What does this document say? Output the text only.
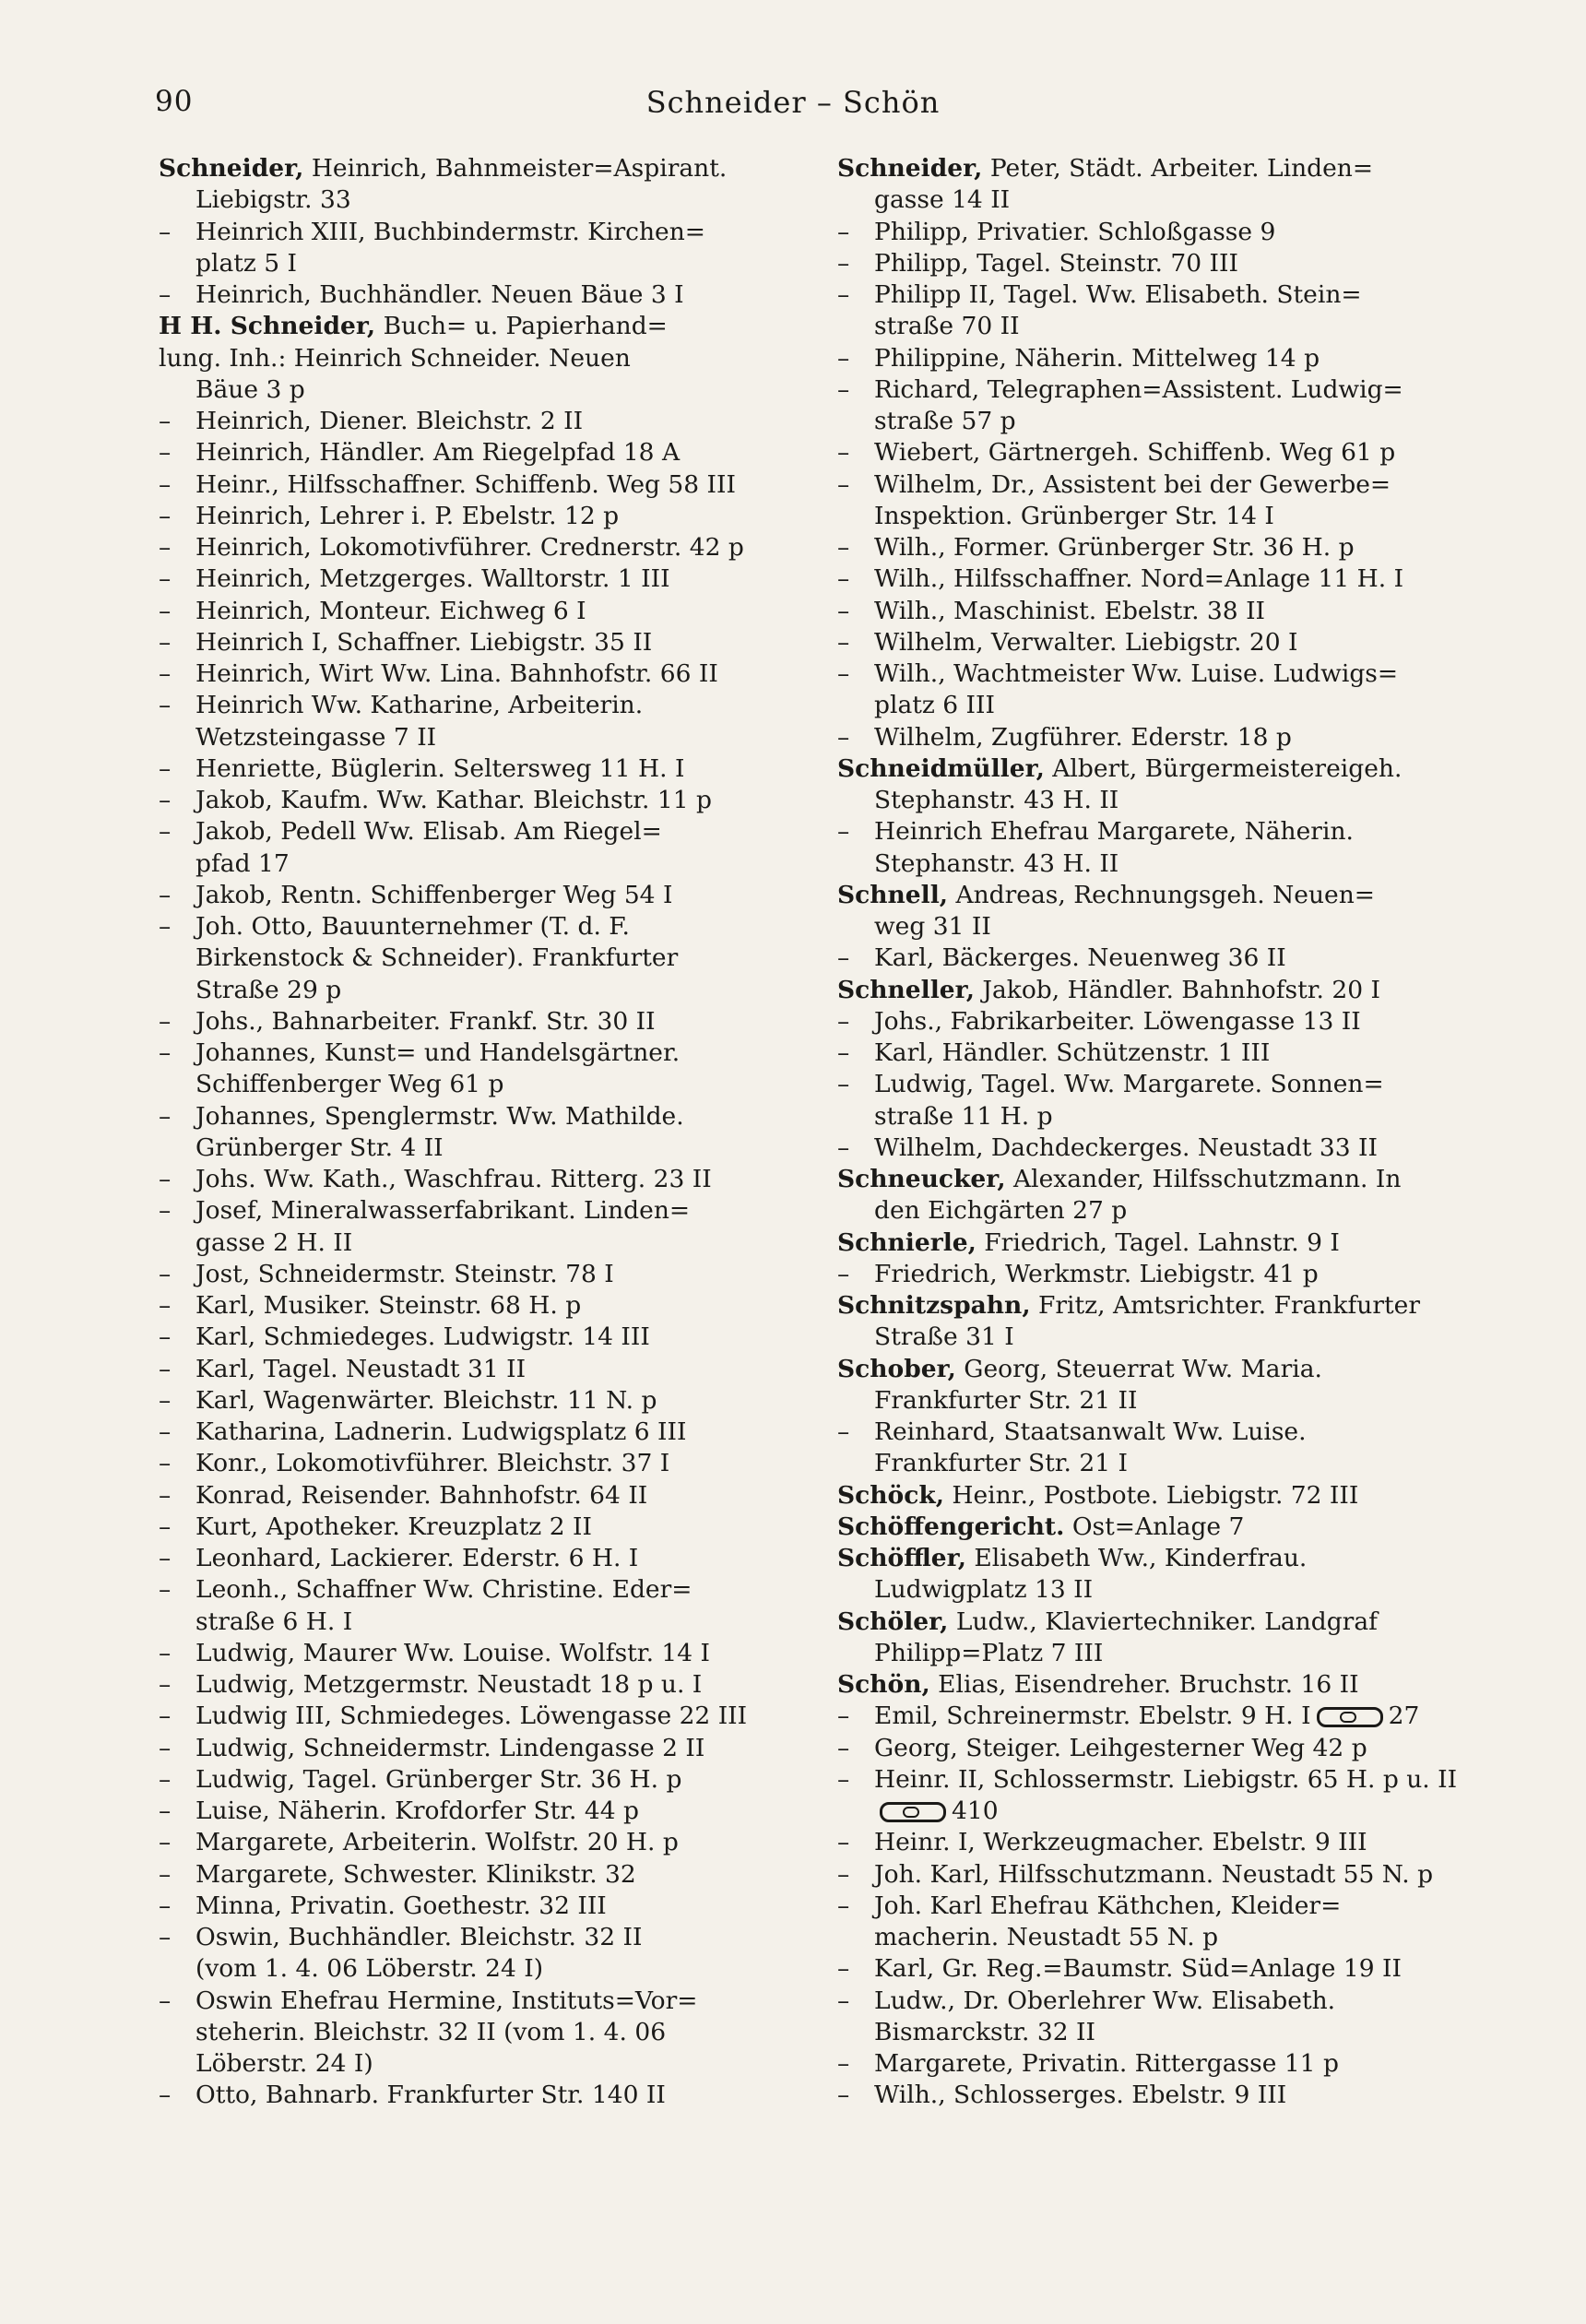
90	Schneider – Schön
Schneider, Heinrich, Bahnmeister=Aspirant.
Liebigstr. 33
– Heinrich XIII, Buchbindermstr. Kirchen=
platz 5 I
– Heinrich, Buchhändler. Neuen Bäue 3 I
H H. Schneider, Buch= u. Papierhand=
lung. Inh.: Heinrich Schneider. Neuen
Bäue 3 p
– Heinrich, Diener. Bleichstr. 2 II
– Heinrich, Händler. Am Riegelpfad 18 A
– Heinr., Hilfsschaffner. Schiffenb. Weg 58 III
– Heinrich, Lehrer i. P. Ebelstr. 12 p
– Heinrich, Lokomotivführer. Crednerstr. 42 p
– Heinrich, Metzgerges. Walltorstr. 1 III
– Heinrich, Monteur. Eichweg 6 I
– Heinrich I, Schaffner. Liebigstr. 35 II
– Heinrich, Wirt Ww. Lina. Bahnhofstr. 66 II
– Heinrich Ww. Katharine, Arbeiterin.
Wetzsteingasse 7 II
– Henriette, Büglerin. Seltersweg 11 H. I
– Jakob, Kaufm. Ww. Kathar. Bleichstr. 11 p
– Jakob, Pedell Ww. Elisab. Am Riegel=
pfad 17
– Jakob, Rentn. Schiffenberger Weg 54 I
– Joh. Otto, Bauunternehmer (T. d. F.
Birkenstock & Schneider). Frankfurter
Straße 29 p
– Johs., Bahnarbeiter. Frankf. Str. 30 II
– Johannes, Kunst= und Handelsgärtner.
Schiffenberger Weg 61 p
– Johannes, Spenglermstr. Ww. Mathilde.
Grünberger Str. 4 II
– Johs. Ww. Kath., Waschfrau. Ritterg. 23 II
– Josef, Mineralwasserfabrikant. Linden=
gasse 2 H. II
– Jost, Schneidermstr. Steinstr. 78 I
– Karl, Musiker. Steinstr. 68 H. p
– Karl, Schmiedeges. Ludwigstr. 14 III
– Karl, Tagel. Neustadt 31 II
– Karl, Wagenwärter. Bleichstr. 11 N. p
– Katharina, Ladnerin. Ludwigsplatz 6 III
– Konr., Lokomotivführer. Bleichstr. 37 I
– Konrad, Reisender. Bahnhofstr. 64 II
– Kurt, Apotheker. Kreuzplatz 2 II
– Leonhard, Lackierer. Ederstr. 6 H. I
– Leonh., Schaffner Ww. Christine. Eder=
straße 6 H. I
– Ludwig, Maurer Ww. Louise. Wolfstr. 14 I
– Ludwig, Metzgermstr. Neustadt 18 p u. I
– Ludwig III, Schmiedeges. Löwengasse 22 III
– Ludwig, Schneidermstr. Lindengasse 2 II
– Ludwig, Tagel. Grünberger Str. 36 H. p
– Luise, Näherin. Krofdorfer Str. 44 p
– Margarete, Arbeiterin. Wolfstr. 20 H. p
– Margarete, Schwester. Klinikstr. 32
– Minna, Privatin. Goethestr. 32 III
– Oswin, Buchhändler. Bleichstr. 32 II
(vom 1. 4. 06 Löberstr. 24 I)
– Oswin Ehefrau Hermine, Instituts=Vor=
steherin. Bleichstr. 32 II (vom 1. 4. 06
Löberstr. 24 I)
– Otto, Bahnarb. Frankfurter Str. 140 II
Schneider, Peter, Städt. Arbeiter. Linden=
gasse 14 II
– Philipp, Privatier. Schloßgasse 9
– Philipp, Tagel. Steinstr. 70 III
– Philipp II, Tagel. Ww. Elisabeth. Stein=
straße 70 II
– Philippine, Näherin. Mittelweg 14 p
– Richard, Telegraphen=Assistent. Ludwig=
straße 57 p
– Wiebert, Gärtnergeh. Schiffenb. Weg 61 p
– Wilhelm, Dr., Assistent bei der Gewerbe=
Inspektion. Grünberger Str. 14 I
– Wilh., Former. Grünberger Str. 36 H. p
– Wilh., Hilfsschaffner. Nord=Anlage 11 H. I
– Wilh., Maschinist. Ebelstr. 38 II
– Wilhelm, Verwalter. Liebigstr. 20 I
– Wilh., Wachtmeister Ww. Luise. Ludwigs=
platz 6 III
– Wilhelm, Zugführer. Ederstr. 18 p
Schneidmüller, Albert, Bürgermeistereigeh.
Stephanstr. 43 H. II
– Heinrich Ehefrau Margarete, Näherin.
Stephanstr. 43 H. II
Schnell, Andreas, Rechnungsgeh. Neuen=
weg 31 II
– Karl, Bäckerges. Neuenweg 36 II
Schneller, Jakob, Händler. Bahnhofstr. 20 I
– Johs., Fabrikarbeiter. Löwengasse 13 II
– Karl, Händler. Schützenstr. 1 III
– Ludwig, Tagel. Ww. Margarete. Sonnen=
straße 11 H. p
– Wilhelm, Dachdeckerges. Neustadt 33 II
Schneucker, Alexander, Hilfsschutzmann. In
den Eichgärten 27 p
Schnierle, Friedrich, Tagel. Lahnstr. 9 I
– Friedrich, Werkmstr. Liebigstr. 41 p
Schnitzspahn, Fritz, Amtsrichter. Frankfurter
Straße 31 I
Schober, Georg, Steuerrat Ww. Maria.
Frankfurter Str. 21 II
– Reinhard, Staatsanwalt Ww. Luise.
Frankfurter Str. 21 I
Schöck, Heinr., Postbote. Liebigstr. 72 III
Schöffengericht. Ost=Anlage 7
Schöffler, Elisabeth Ww., Kinderfrau.
Ludwigplatz 13 II
Schöler, Ludw., Klaviertechniker. Landgraf
Philipp=Platz 7 III
Schön, Elias, Eisendreher. Bruchstr. 16 II
– Emil, Schreinermstr. Ebelstr. 9 H. I	27
– Georg, Steiger. Leihgesterner Weg 42 p
– Heinr. II, Schlossermstr. Liebigstr. 65 H. p u. II
410
– Heinr. I, Werkzeugmacher. Ebelstr. 9 III
– Joh. Karl, Hilfsschutzmann. Neustadt 55 N. p
– Joh. Karl Ehefrau Käthchen, Kleider=
macherin. Neustadt 55 N. p
– Karl, Gr. Reg.=Baumstr. Süd=Anlage 19 II
– Ludw., Dr. Oberlehrer Ww. Elisabeth.
Bismarckstr. 32 II
– Margarete, Privatin. Rittergasse 11 p
– Wilh., Schlosserges. Ebelstr. 9 III
